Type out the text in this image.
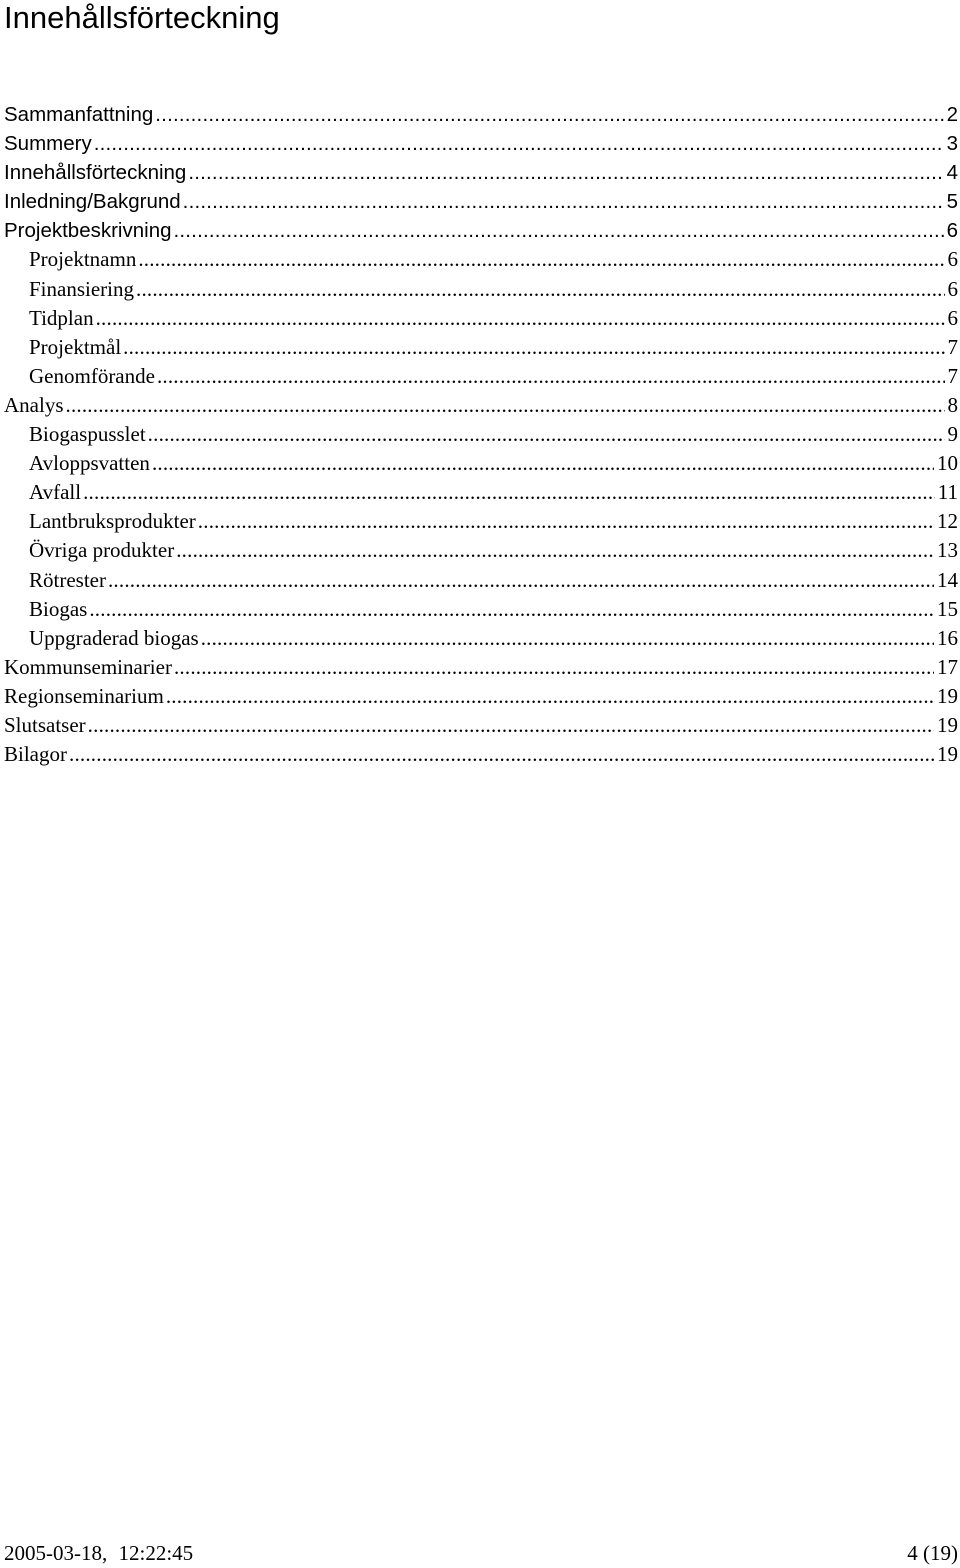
Innehållsförteckning
Sammanfattning .....	2
Summery .....	3
Innehållsförteckning .....	4
Inledning/Bakgrund .....	5
Projektbeskrivning .....	6
Projektnamn .....	6
Finansiering .....	6
Tidplan .....	6
Projektmål .....	7
Genomförande .....	7
Analys .....	8
Biogaspusslet .....	9
Avloppsvatten .....	10
Avfall .....	11
Lantbruksprodukter .....	12
Övriga produkter .....	13
Rötrester .....	14
Biogas .....	15
Uppgraderad biogas .....	16
Kommunseminarier .....	17
Regionseminarium .....	19
Slutsatser .....	19
Bilagor .....	19
2005-03-18, 12:22:45	4 (19)
